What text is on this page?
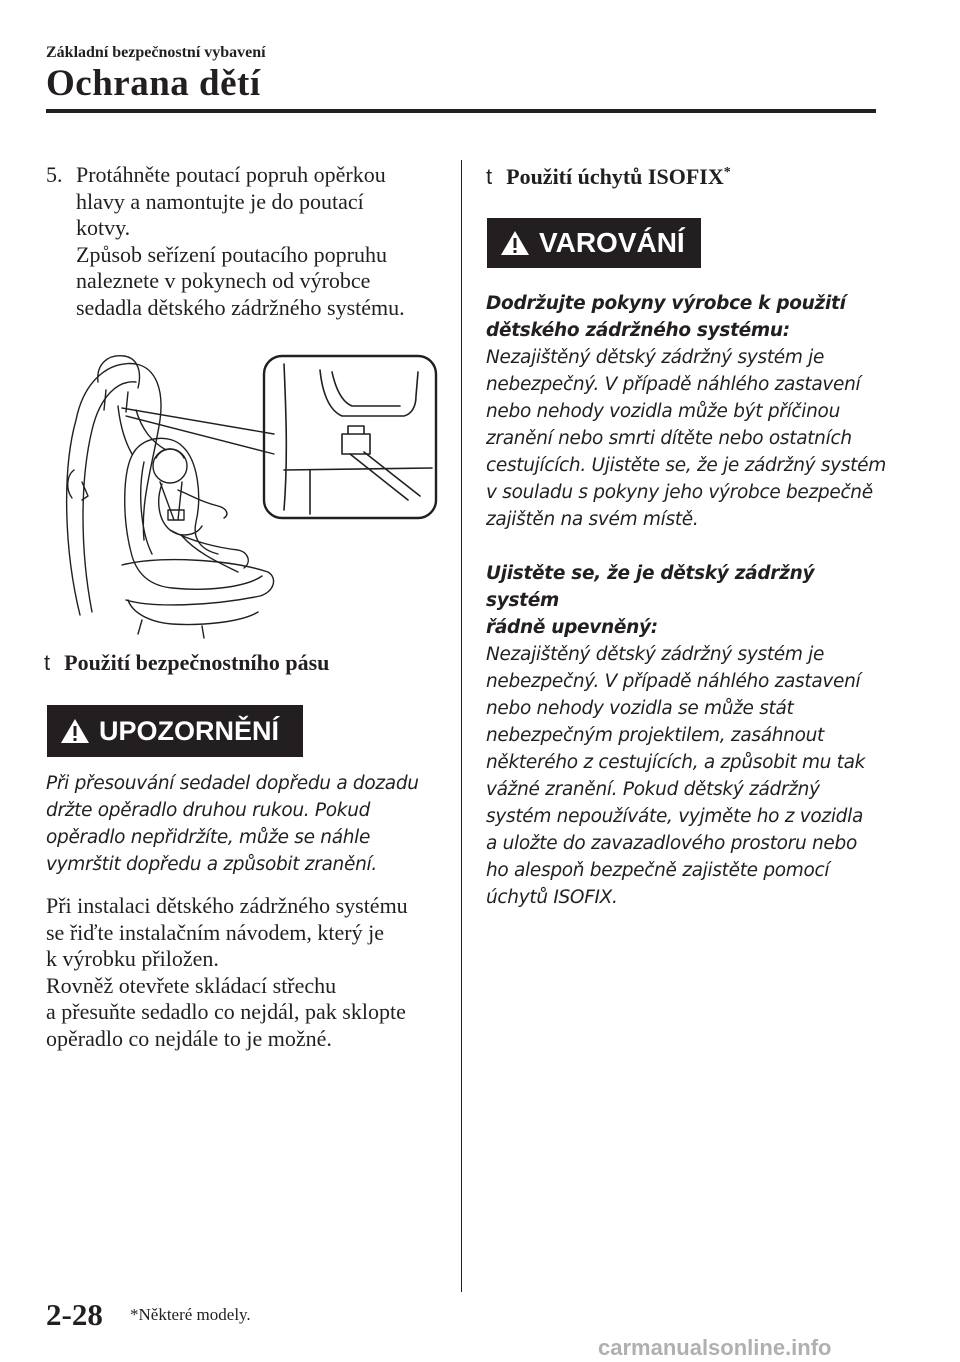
Základní bezpečnostní vybavení
Ochrana dětí
5. Protáhněte poutací popruh opěrkou
hlavy a namontujte je do poutací
kotvy.
Způsob seřízení poutacího popruhu
naleznete v pokynech od výrobce
sedadla dětského zádržného systému.
t Použití bezpečnostního pásu
UPOZORNĚNÍ
Při přesouvání sedadel dopředu a dozadu
držte opěradlo druhou rukou. Pokud
opěradlo nepřidržíte, může se náhle
vymrštit dopředu a způsobit zranění.
Při instalaci dětského zádržného systému
se řiďte instalačním návodem, který je
k výrobku přiložen.
Rovněž otevřete skládací střechu
a přesuňte sedadlo co nejdál, pak sklopte
opěradlo co nejdále to je možné.
t Použití úchytů ISOFIX*
VAROVÁNÍ
Dodržujte pokyny výrobce k použití
dětského zádržného systému:
Nezajištěný dětský zádržný systém je
nebezpečný. V případě náhlého zastavení
nebo nehody vozidla může být příčinou
zranění nebo smrti dítěte nebo ostatních
cestujících. Ujistěte se, že je zádržný systém
v souladu s pokyny jeho výrobce bezpečně
zajištěn na svém místě.
Ujistěte se, že je dětský zádržný systém
řádně upevněný:
Nezajištěný dětský zádržný systém je
nebezpečný. V případě náhlého zastavení
nebo nehody vozidla se může stát
nebezpečným projektilem, zasáhnout
některého z cestujících, a způsobit mu tak
vážné zranění. Pokud dětský zádržný
systém nepoužíváte, vyjměte ho z vozidla
a uložte do zavazadlového prostoru nebo
ho alespoň bezpečně zajistěte pomocí
úchytů ISOFIX.
2-28 *Některé modely.
carmanualsonline.info
